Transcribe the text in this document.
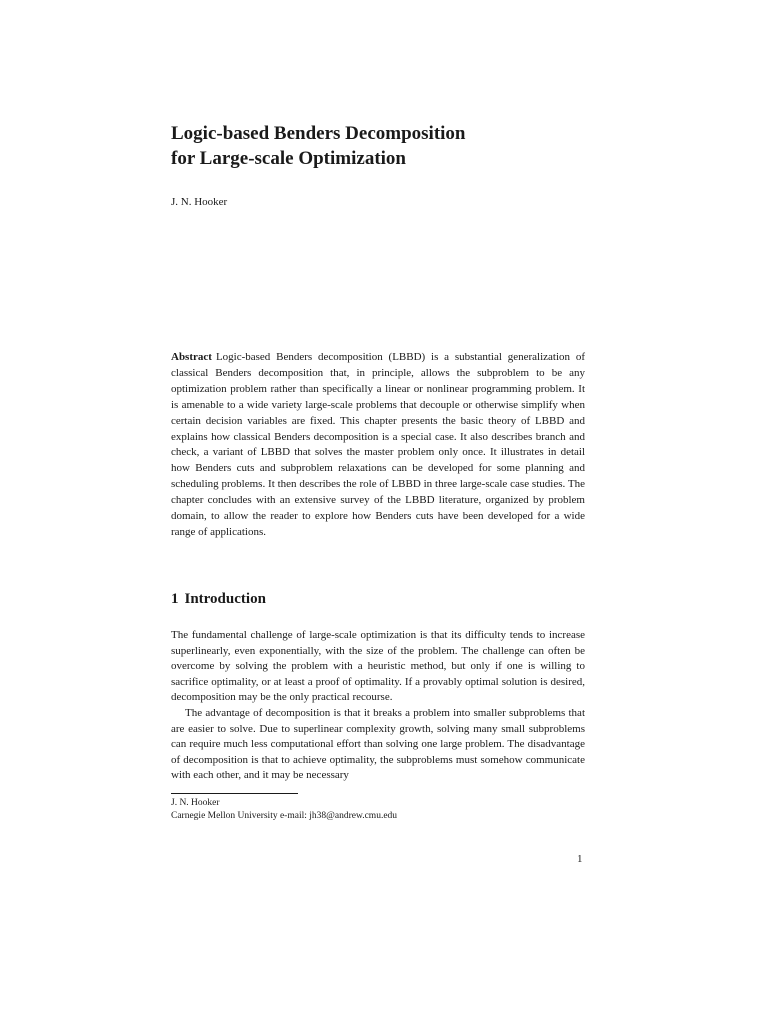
Logic-based Benders Decomposition
for Large-scale Optimization

J. N. Hooker

Abstract Logic-based Benders decomposition (LBBD) is a substantial generalization of classical Benders decomposition that, in principle, allows the subproblem to be any optimization problem rather than specifically a linear or nonlinear programming problem. It is amenable to a wide variety large-scale problems that decouple or otherwise simplify when certain decision variables are fixed. This chapter presents the basic theory of LBBD and explains how classical Benders decomposition is a special case. It also describes branch and check, a variant of LBBD that solves the master problem only once. It illustrates in detail how Benders cuts and subproblem relaxations can be developed for some planning and scheduling problems. It then describes the role of LBBD in three large-scale case studies. The chapter concludes with an extensive survey of the LBBD literature, organized by problem domain, to allow the reader to explore how Benders cuts have been developed for a wide range of applications.

1 Introduction

The fundamental challenge of large-scale optimization is that its difficulty tends to increase superlinearly, even exponentially, with the size of the problem. The challenge can often be overcome by solving the problem with a heuristic method, but only if one is willing to sacrifice optimality, or at least a proof of optimality. If a provably optimal solution is desired, decomposition may be the only practical recourse.

The advantage of decomposition is that it breaks a problem into smaller subproblems that are easier to solve. Due to superlinear complexity growth, solving many small subproblems can require much less computational effort than solving one large problem. The disadvantage of decomposition is that to achieve optimality, the subproblems must somehow communicate with each other, and it may be necessary

J. N. Hooker
Carnegie Mellon University e-mail: jh38@andrew.cmu.edu

1
